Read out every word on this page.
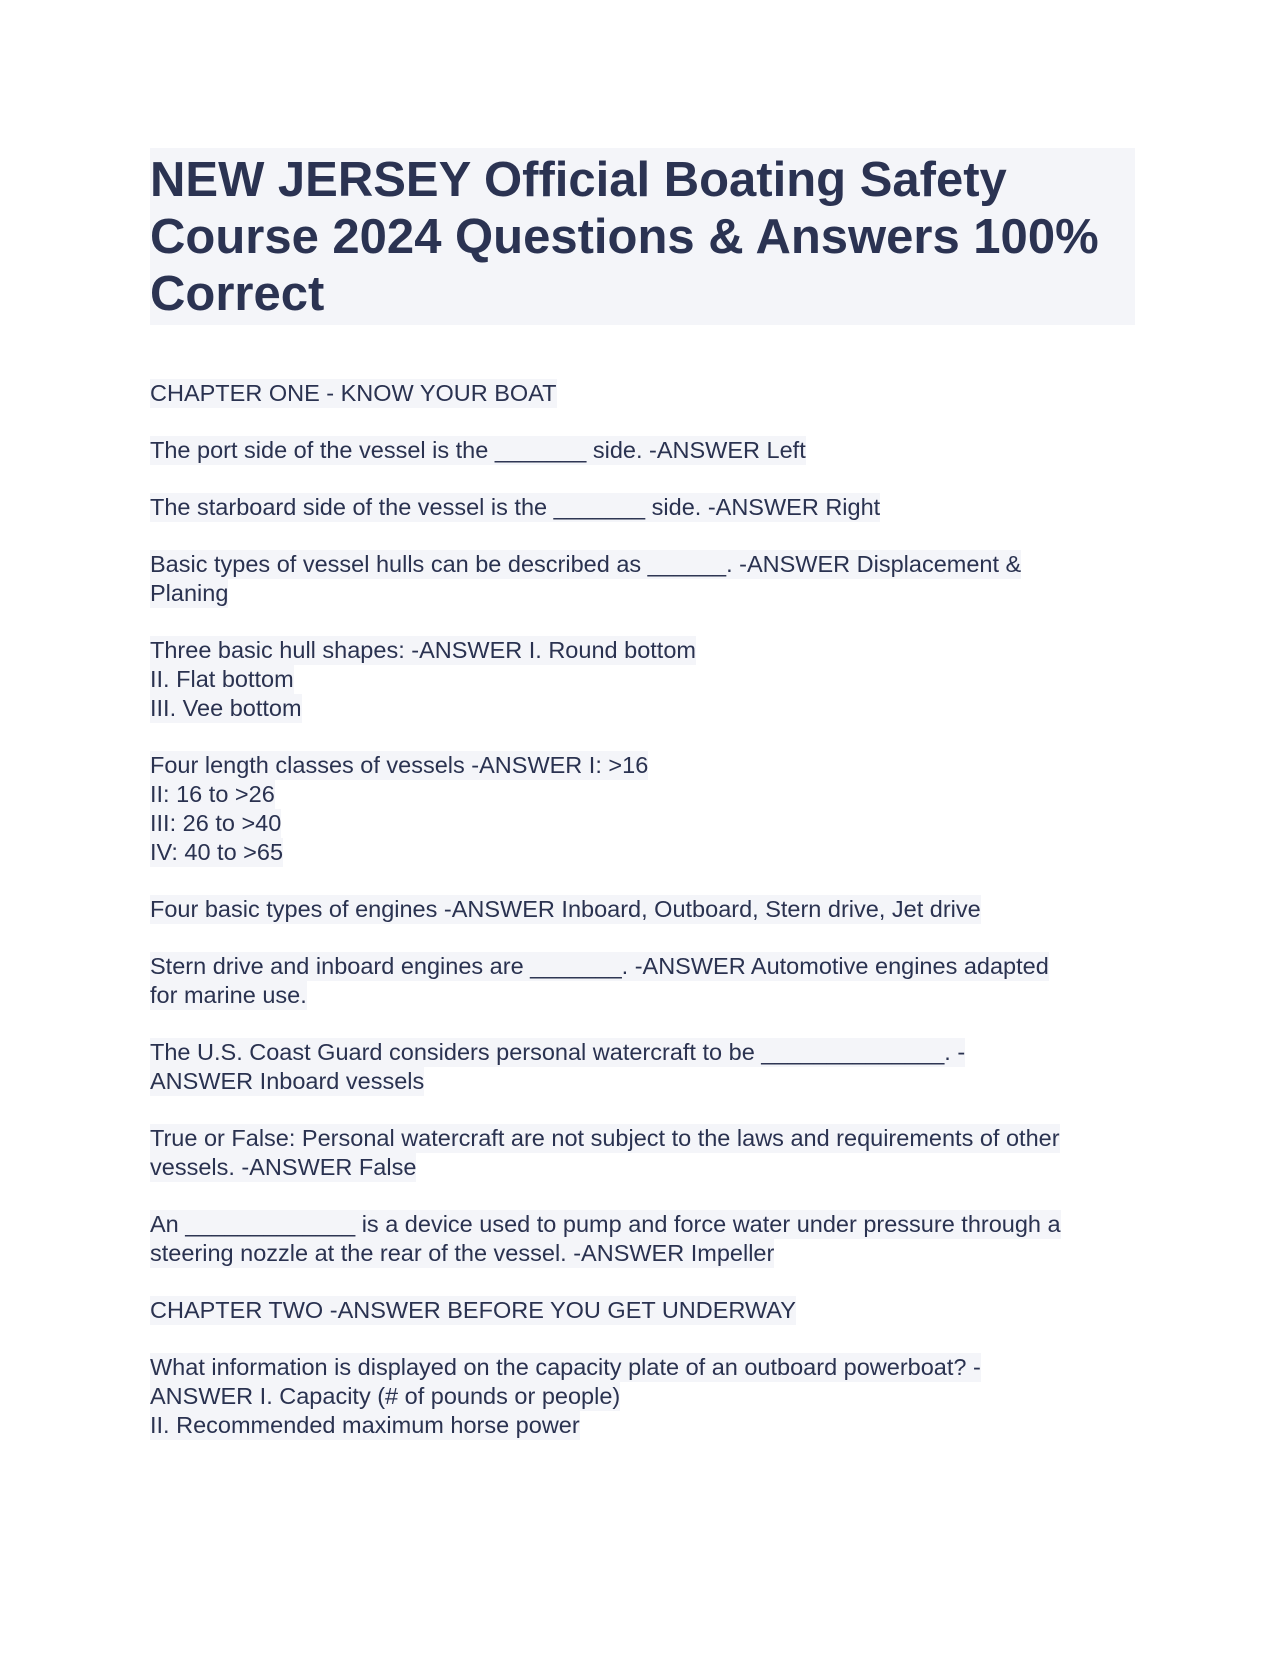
NEW JERSEY Official Boating Safety Course 2024 Questions & Answers 100% Correct
CHAPTER ONE - KNOW YOUR BOAT
The port side of the vessel is the _______ side. -ANSWER Left
The starboard side of the vessel is the _______ side. -ANSWER Right
Basic types of vessel hulls can be described as ______. -ANSWER Displacement &
Planing
Three basic hull shapes: -ANSWER I. Round bottom
II. Flat bottom
III. Vee bottom
Four length classes of vessels -ANSWER I: >16
II: 16 to >26
III: 26 to >40
IV: 40 to >65
Four basic types of engines -ANSWER Inboard, Outboard, Stern drive, Jet drive
Stern drive and inboard engines are _______. -ANSWER Automotive engines adapted
for marine use.
The U.S. Coast Guard considers personal watercraft to be ______________. -
ANSWER Inboard vessels
True or False: Personal watercraft are not subject to the laws and requirements of other
vessels. -ANSWER False
An _____________ is a device used to pump and force water under pressure through a
steering nozzle at the rear of the vessel. -ANSWER Impeller
CHAPTER TWO -ANSWER BEFORE YOU GET UNDERWAY
What information is displayed on the capacity plate of an outboard powerboat? -
ANSWER I. Capacity (# of pounds or people)
II. Recommended maximum horse power
